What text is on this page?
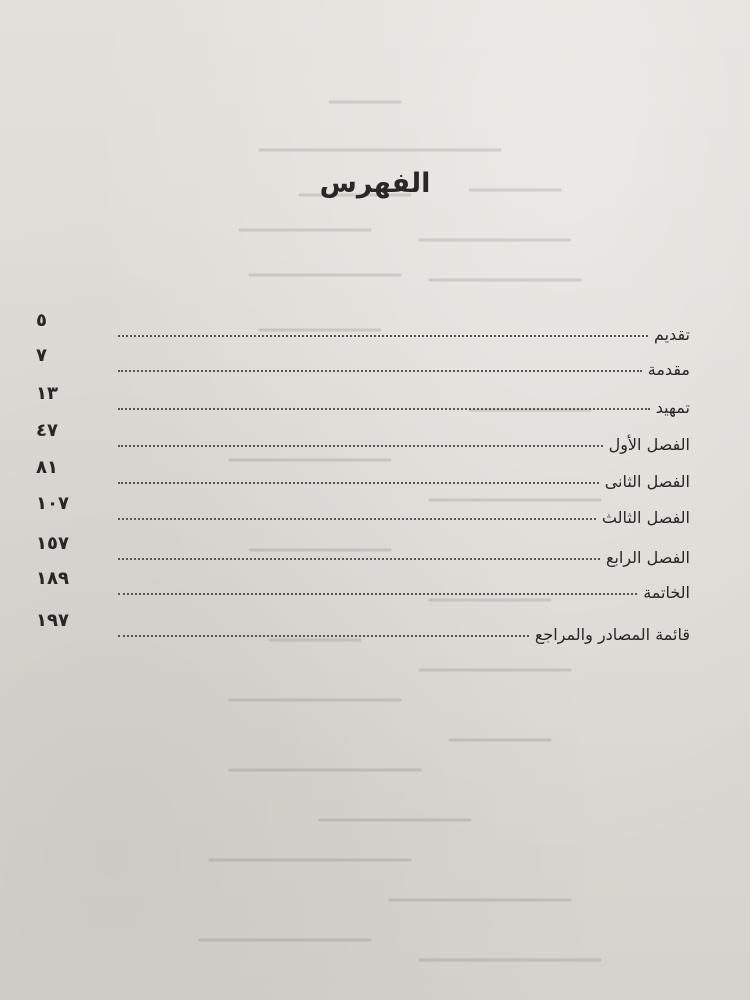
الفهرس
تقديم
٥
مقدمة
٧
تمهيد
١٣
الفصل الأول
٤٧
الفصل الثانى
٨١
الفصل الثالث
١٠٧
الفصل الرابع
١٥٧
الخاتمة
١٨٩
قائمة المصادر والمراجع
١٩٧
